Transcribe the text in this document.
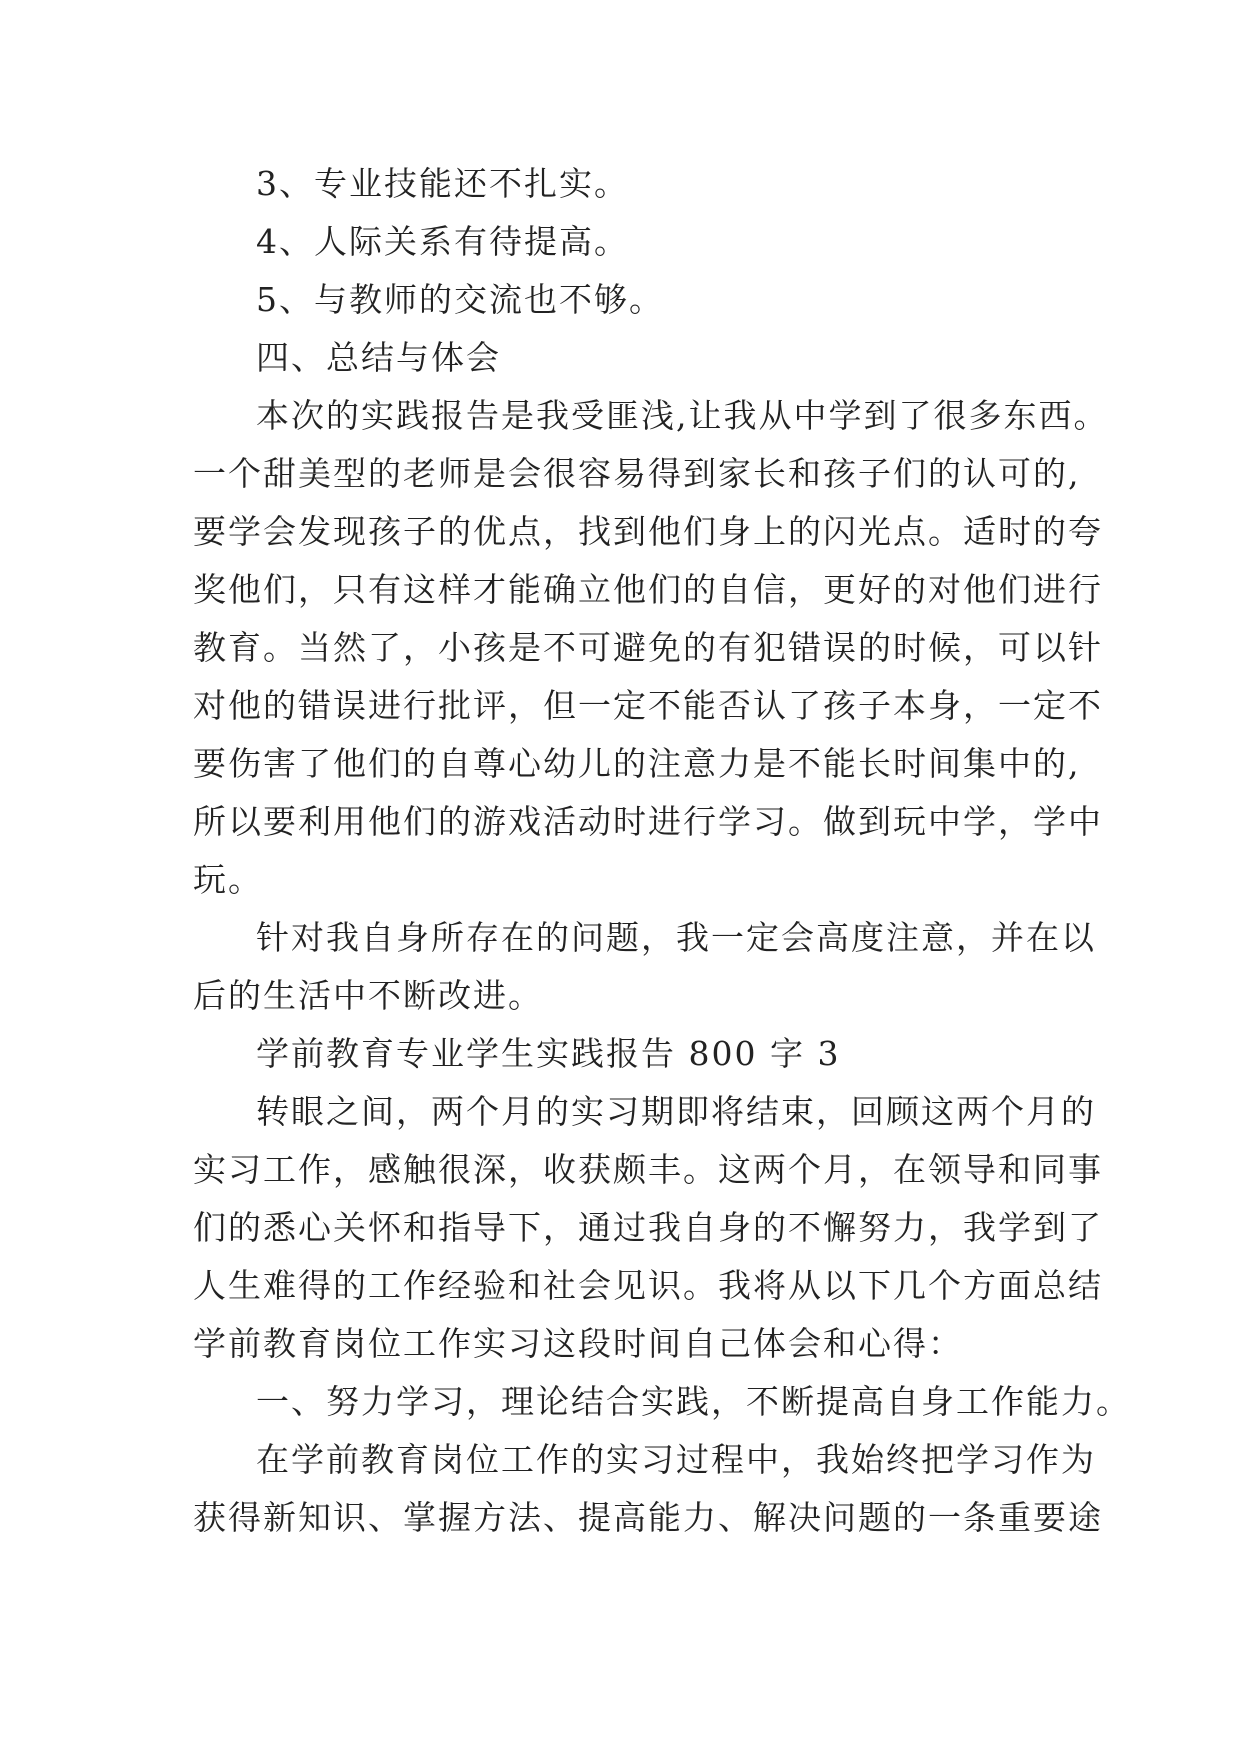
3、专业技能还不扎实。
4、人际关系有待提高。
5、与教师的交流也不够。
四、总结与体会
本次的实践报告是我受匪浅,让我从中学到了很多东西。
一个甜美型的老师是会很容易得到家长和孩子们的认可的,
要学会发现孩子的优点，找到他们身上的闪光点。适时的夸
奖他们，只有这样才能确立他们的自信，更好的对他们进行
教育。当然了，小孩是不可避免的有犯错误的时候，可以针
对他的错误进行批评，但一定不能否认了孩子本身，一定不
要伤害了他们的自尊心幼儿的注意力是不能长时间集中的,
所以要利用他们的游戏活动时进行学习。做到玩中学，学中
玩。
针对我自身所存在的问题，我一定会高度注意，并在以
后的生活中不断改进。
学前教育专业学生实践报告 800 字 3
转眼之间，两个月的实习期即将结束，回顾这两个月的
实习工作，感触很深，收获颇丰。这两个月，在领导和同事
们的悉心关怀和指导下，通过我自身的不懈努力，我学到了
人生难得的工作经验和社会见识。我将从以下几个方面总结
学前教育岗位工作实习这段时间自己体会和心得：
一、努力学习，理论结合实践，不断提高自身工作能力。
在学前教育岗位工作的实习过程中，我始终把学习作为
获得新知识、掌握方法、提高能力、解决问题的一条重要途
